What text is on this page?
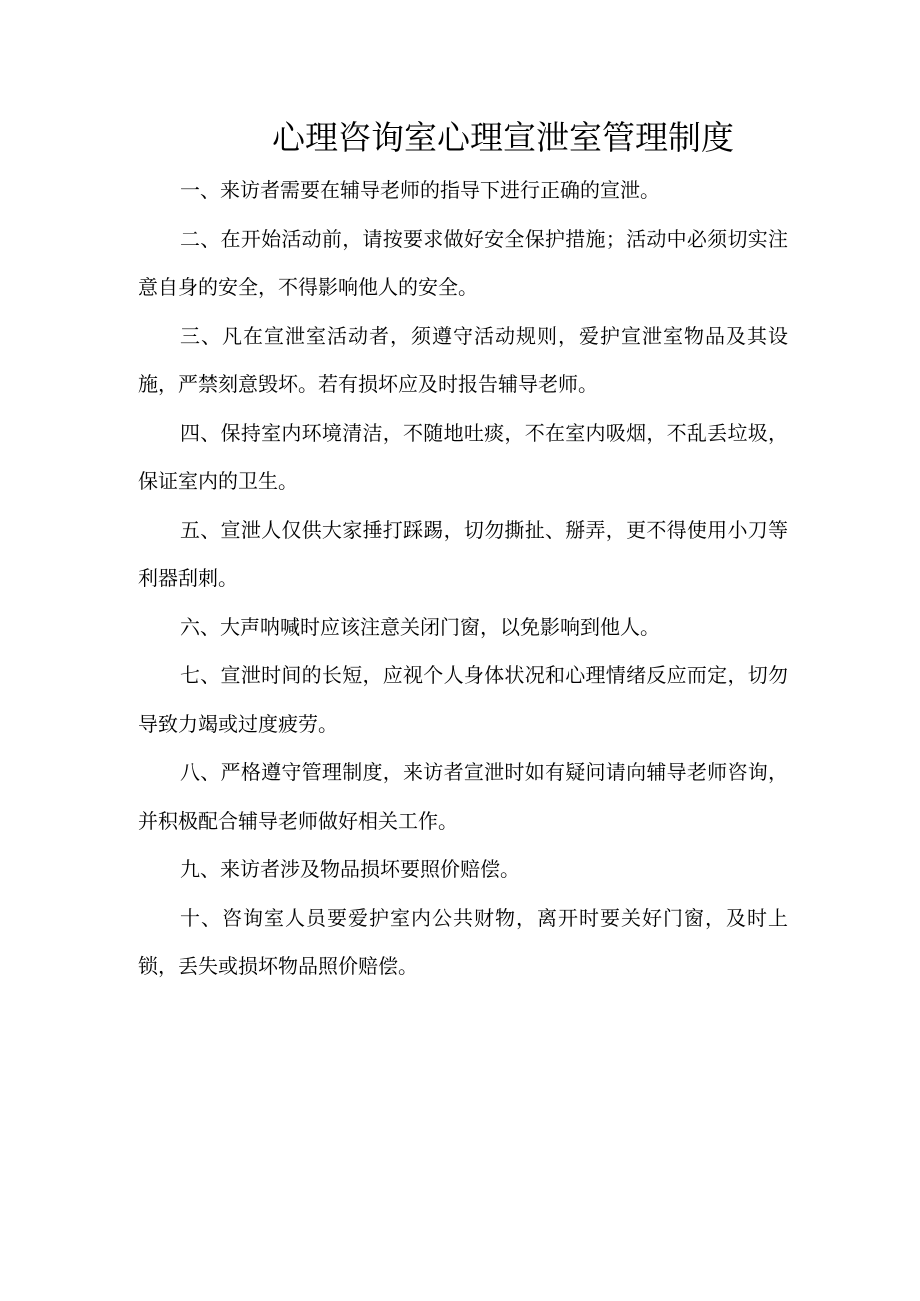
心理咨询室心理宣泄室管理制度

一、来访者需要在辅导老师的指导下进行正确的宣泄。

二、在开始活动前，请按要求做好安全保护措施；活动中必须切实注意自身的安全，不得影响他人的安全。

三、凡在宣泄室活动者，须遵守活动规则，爱护宣泄室物品及其设施，严禁刻意毁坏。若有损坏应及时报告辅导老师。

四、保持室内环境清洁，不随地吐痰，不在室内吸烟，不乱丢垃圾，保证室内的卫生。

五、宣泄人仅供大家捶打踩踢，切勿撕扯、掰弄，更不得使用小刀等利器刮刺。

六、大声呐喊时应该注意关闭门窗，以免影响到他人。

七、宣泄时间的长短，应视个人身体状况和心理情绪反应而定，切勿导致力竭或过度疲劳。

八、严格遵守管理制度，来访者宣泄时如有疑问请向辅导老师咨询，并积极配合辅导老师做好相关工作。

九、来访者涉及物品损坏要照价赔偿。

十、咨询室人员要爱护室内公共财物，离开时要关好门窗，及时上锁，丢失或损坏物品照价赔偿。
